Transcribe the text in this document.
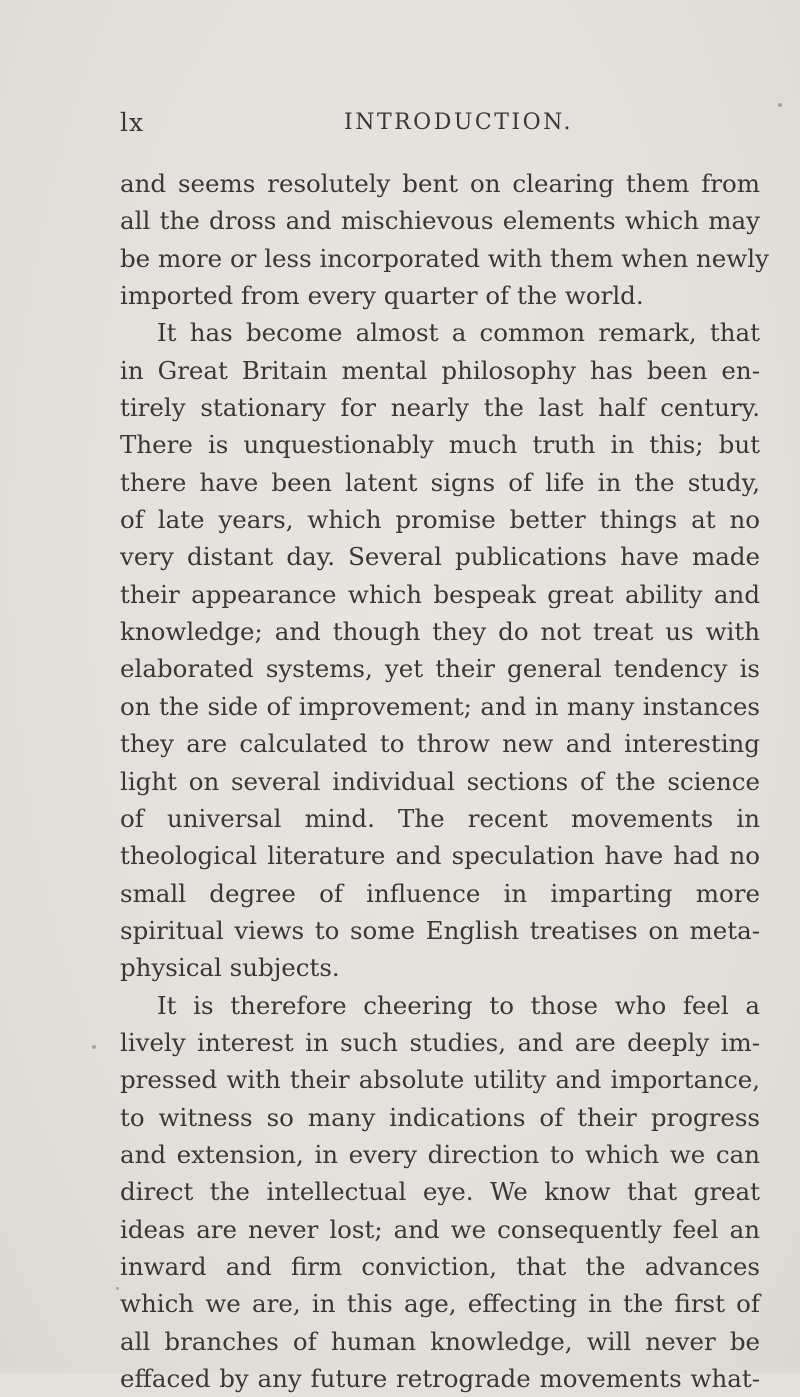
lx	INTRODUCTION.
and seems resolutely bent on clearing them from
all the dross and mischievous elements which may
be more or less incorporated with them when newly
imported from every quarter of the world.
It has become almost a common remark, that
in Great Britain mental philosophy has been en-
tirely stationary for nearly the last half century.
There is unquestionably much truth in this; but
there have been latent signs of life in the study,
of late years, which promise better things at no
very distant day. Several publications have made
their appearance which bespeak great ability and
knowledge; and though they do not treat us with
elaborated systems, yet their general tendency is
on the side of improvement; and in many instances
they are calculated to throw new and interesting
light on several individual sections of the science
of universal mind. The recent movements in
theological literature and speculation have had no
small degree of influence in imparting more
spiritual views to some English treatises on meta-
physical subjects.
It is therefore cheering to those who feel a
lively interest in such studies, and are deeply im-
pressed with their absolute utility and importance,
to witness so many indications of their progress
and extension, in every direction to which we can
direct the intellectual eye. We know that great
ideas are never lost; and we consequently feel an
inward and firm conviction, that the advances
which we are, in this age, effecting in the first of
all branches of human knowledge, will never be
effaced by any future retrograde movements what-
